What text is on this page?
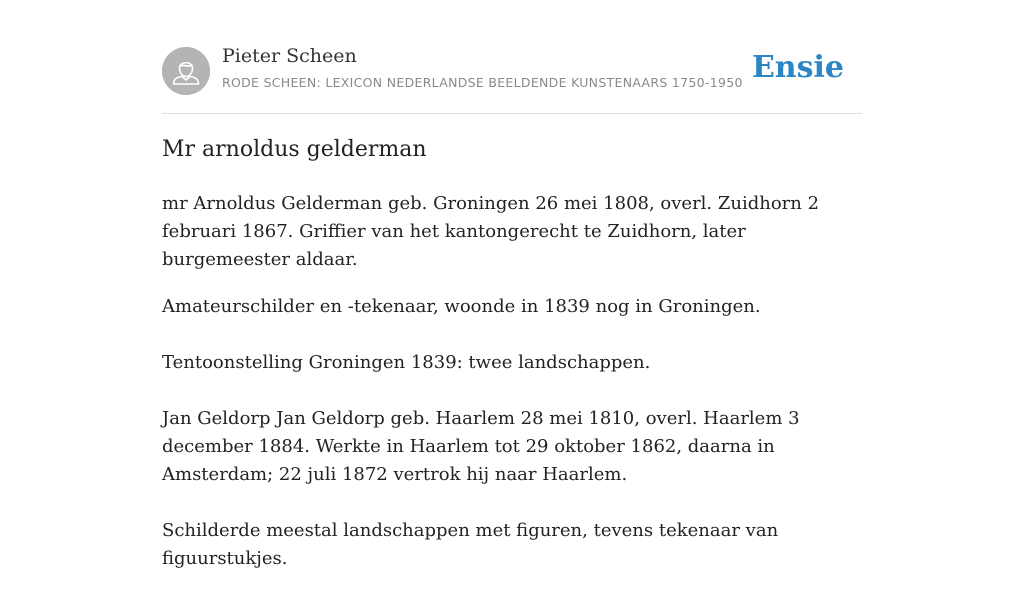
Pieter Scheen
RODE SCHEEN: LEXICON NEDERLANDSE BEELDENDE KUNSTENAARS 1750-1950 Ensie
Mr arnoldus gelderman

mr Arnoldus Gelderman geb. Groningen 26 mei 1808, overl. Zuidhorn 2 februari 1867. Griffier van het kantongerecht te Zuidhorn, later burgemeester aldaar.

Amateurschilder en -tekenaar, woonde in 1839 nog in Groningen.

Tentoonstelling Groningen 1839: twee landschappen.

Jan Geldorp Jan Geldorp geb. Haarlem 28 mei 1810, overl. Haarlem 3 december 1884. Werkte in Haarlem tot 29 oktober 1862, daarna in Amsterdam; 22 juli 1872 vertrok hij naar Haarlem.

Schilderde meestal landschappen met figuren, tevens tekenaar van figuurstukjes.
